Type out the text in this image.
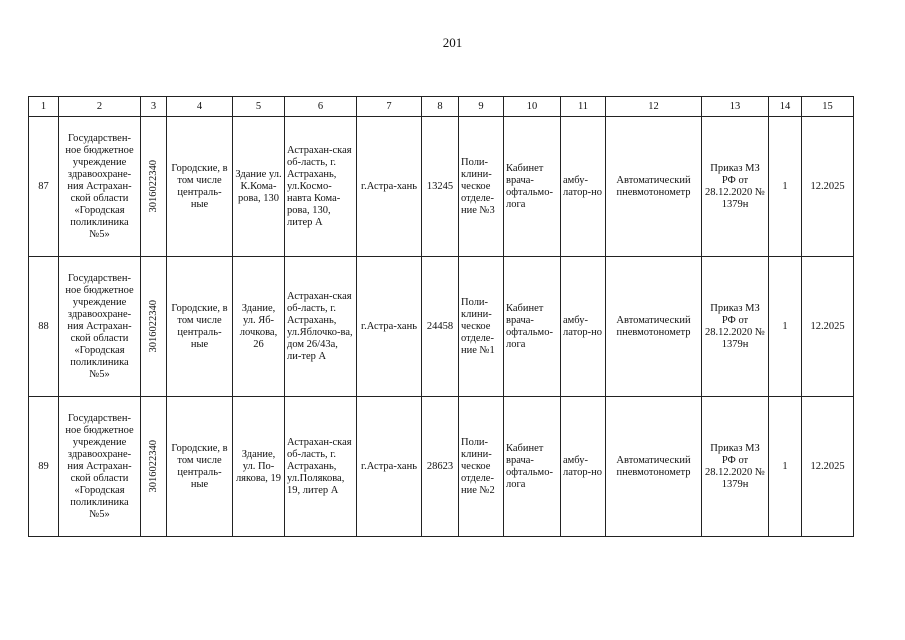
201
1	2	3	4	5	6	7	8	9	10	11	12	13	14	15
87	Государствен-ное бюджетное учреждение здравоохране-ния Астрахан-ской области «Городская поликлиника №5»	3016022340	Городские, в том числе централь-ные	Здание ул. К.Кома-рова, 130	Астрахан-ская об-ласть, г. Астрахань, ул.Космо-навта Кома-рова, 130, литер А	г.Астра-хань	13245	Поли-клини-ческое отделе-ние №3	Кабинет врача-офтальмо-лога	амбу-латор-но	Автоматический пневмотонометр	Приказ МЗ РФ от 28.12.2020 № 1379н	1	12.2025
88	Государствен-ное бюджетное учреждение здравоохране-ния Астрахан-ской области «Городская поликлиника №5»	3016022340	Городские, в том числе централь-ные	Здание, ул. Яб-лочкова, 26	Астрахан-ская об-ласть, г. Астрахань, ул.Яблочко-ва, дом 26/43а, ли-тер А	г.Астра-хань	24458	Поли-клини-ческое отделе-ние №1	Кабинет врача-офтальмо-лога	амбу-латор-но	Автоматический пневмотонометр	Приказ МЗ РФ от 28.12.2020 № 1379н	1	12.2025
89	Государствен-ное бюджетное учреждение здравоохране-ния Астрахан-ской области «Городская поликлиника №5»	3016022340	Городские, в том числе централь-ные	Здание, ул. По-лякова, 19	Астрахан-ская об-ласть, г. Астрахань, ул.Полякова, 19, литер А	г.Астра-хань	28623	Поли-клини-ческое отделе-ние №2	Кабинет врача-офтальмо-лога	амбу-латор-но	Автоматический пневмотонометр	Приказ МЗ РФ от 28.12.2020 № 1379н	1	12.2025
